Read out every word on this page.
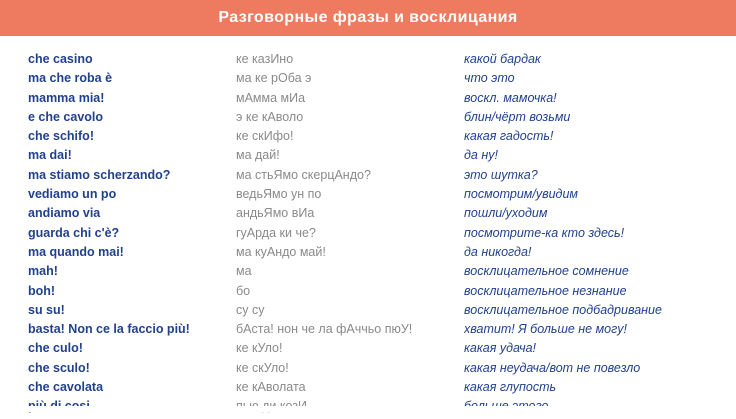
Разговорные фразы и восклицания
che casino	ке казИно	какой бардак
ma che roba è	ма ке рОба э	что это
mamma mia!	мАмма мИа	воскл. мамочка!
e che cavolo	э ке кАволо	блин/чёрт возьми
che schifo!	ке скИфо!	какая гадость!
ma dai!	ма дай!	да ну!
ma stiamo scherzando?	ма стьЯмо скерцАндо?	это шутка?
vediamo un po	ведьЯмо ун по	посмотрим/увидим
andiamo via	андьЯмо вИа	пошли/уходим
guarda chi c'è?	гуАрда ки че?	посмотрите-ка кто здесь!
ma quando mai!	ма куАндо май!	да никогда!
mah!	ма	восклицательное сомнение
boh!	бо	восклицательное незнание
su su!	су су	восклицательное подбадривание
basta! Non ce la faccio più!	бАста! нон че ла фАччьо пюУ!	хватит! Я больше не могу!
che culo!	ке кУло!	какая удача!
che sculo!	ке скУло!	какая неудача/вот не повезло
che cavolata	ке кАволата	какая глупость
